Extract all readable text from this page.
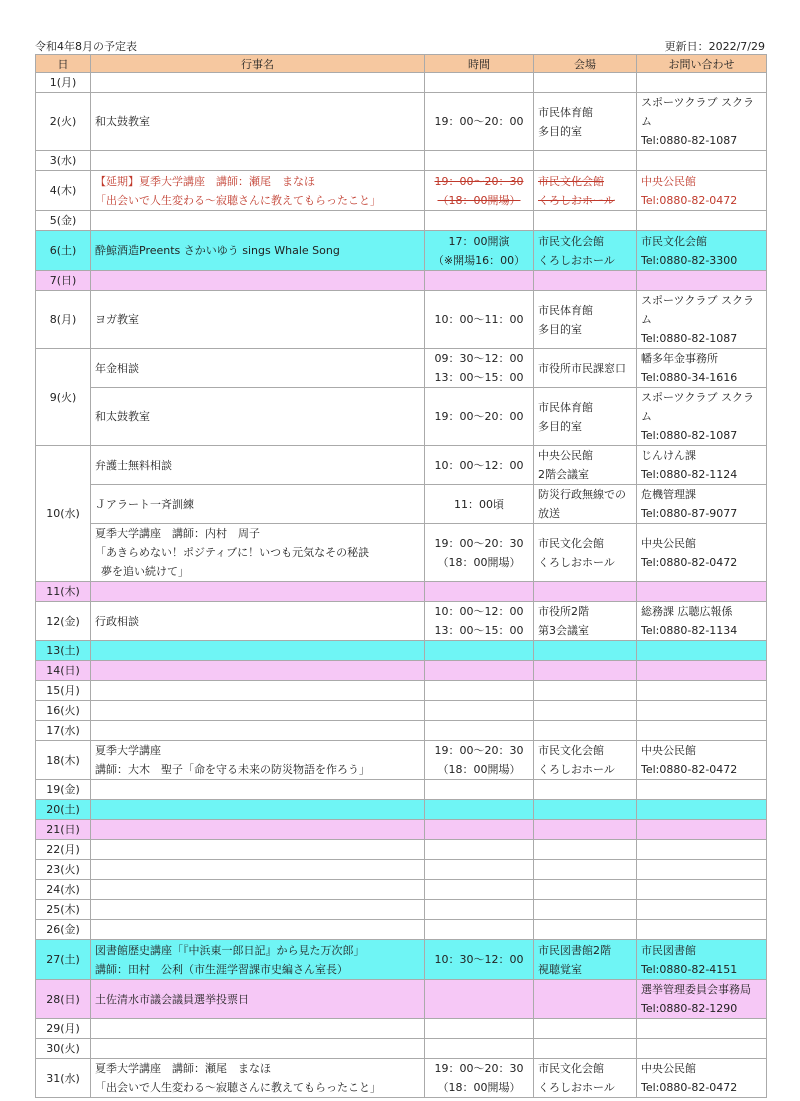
令和4年8月の予定表	更新日：2022/7/29
日	行事名	時間	会場	お問い合わせ
1(月)				
2(火)	和太鼓教室	19：00～20：00	市民体育館
多目的室	スポーツクラブ スクラム
Tel:0880-82-1087

3(水)				
4(木)	【延期】夏季大学講座　講師：瀬尾　まなほ
「出会いで人生変わる～寂聴さんに教えてもらったこと」	19：00～20：30
（18：00開場）	市民文化会館
くろしおホール	中央公民館
Tel:0880-82-0472

5(金)				
6(土)	酔鯨酒造Preents さかいゆう sings Whale Song	17：00開演
（※開場16：00）	市民文化会館
くろしおホール	市民文化会館
Tel:0880-82-3300

7(日)				
8(月)	ヨガ教室	10：00～11：00	市民体育館
多目的室	スポーツクラブ スクラム
Tel:0880-82-1087

9(火)	年金相談	09：30～12：00
13：00～15：00	市役所市民課窓口	幡多年金事務所
Tel:0880-34-1616

	和太鼓教室	19：00～20：00	市民体育館
多目的室	スポーツクラブ スクラム
Tel:0880-82-1087

10(水)	弁護士無料相談	10：00～12：00	中央公民館
2階会議室	じんけん課
Tel:0880-82-1124

	Ｊアラート一斉訓練	11：00頃	防災行政無線での
放送	危機管理課
Tel:0880-87-9077

	夏季大学講座　講師：内村　周子
「あきらめない！ポジティブに！いつも元気なその秘訣
夢を追い続けて」	19：00～20：30
（18：00開場）	市民文化会館
くろしおホール	中央公民館
Tel:0880-82-0472

11(木)				
12(金)	行政相談	10：00～12：00
13：00～15：00	市役所2階
第3会議室	総務課 広聴広報係
Tel:0880-82-1134

13(土)				
14(日)				
15(月)				
16(火)				
17(水)				
18(木)	夏季大学講座
講師：大木　聖子「命を守る未来の防災物語を作ろう」	19：00～20：30
（18：00開場）	市民文化会館
くろしおホール	中央公民館
Tel:0880-82-0472

19(金)				
20(土)				
21(日)				
22(月)				
23(火)				
24(水)				
25(木)				
26(金)				
27(土)	図書館歴史講座「『中浜東一郎日記』から見た万次郎」
講師：田村　公利（市生涯学習課市史編さん室長）	10：30～12：00	市民図書館2階
視聴覚室	市民図書館
Tel:0880-82-4151

28(日)	土佐清水市議会議員選挙投票日			選挙管理委員会事務局
Tel:0880-82-1290

29(月)				
30(火)				
31(水)	夏季大学講座　講師：瀬尾　まなほ
「出会いで人生変わる～寂聴さんに教えてもらったこと」	19：00～20：30
（18：00開場）	市民文化会館
くろしおホール	中央公民館
Tel:0880-82-0472
